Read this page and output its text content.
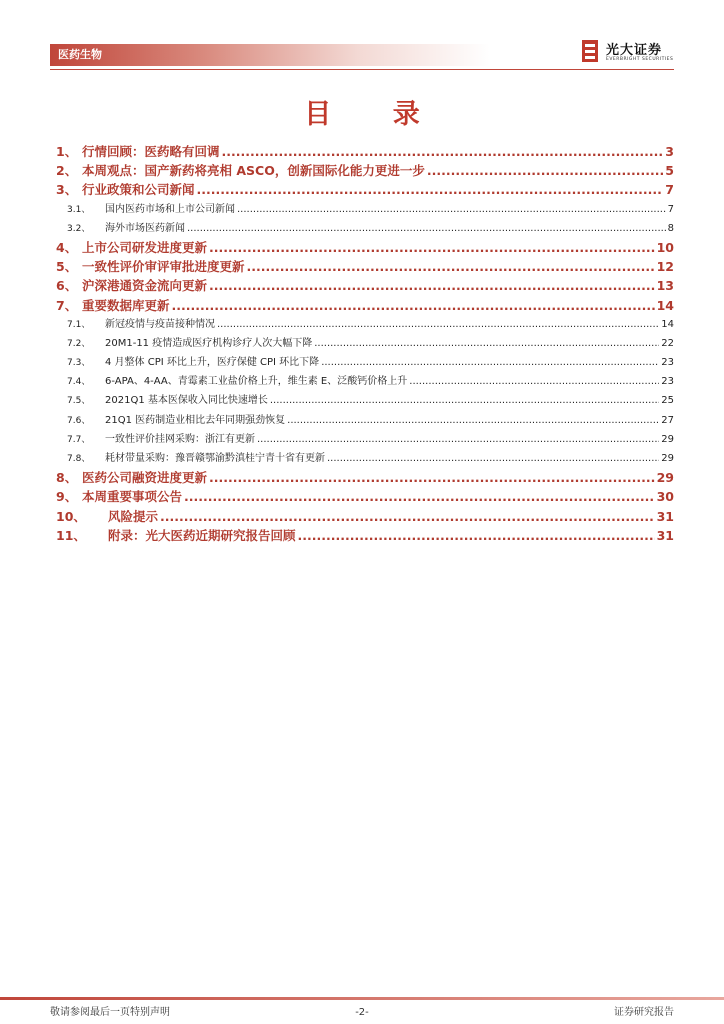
医药生物	光大证券
EVERBRIGHT SECURITIES
目 录
1、 行情回顾：医药略有回调 .....	3
2、 本周观点：国产新药将亮相 ASCO，创新国际化能力更进一步 .....	5
3、 行业政策和公司新闻 .....	7
3.1、	国内医药市场和上市公司新闻 .....	7
3.2、	海外市场医药新闻 .....	8
4、 上市公司研发进度更新 .....	10
5、 一致性评价审评审批进度更新 .....	12
6、 沪深港通资金流向更新 .....	13
7、 重要数据库更新 .....	14
7.1、	新冠疫情与疫苗接种情况 .....	14
7.2、	20M1-11 疫情造成医疗机构诊疗人次大幅下降 .....	22
7.3、	4 月整体 CPI 环比上升，医疗保健 CPI 环比下降 .....	23
7.4、	6-APA、4-AA、青霉素工业盐价格上升，维生素 E、泛酸钙价格上升 .....	23
7.5、	2021Q1 基本医保收入同比快速增长 .....	25
7.6、	21Q1 医药制造业相比去年同期强劲恢复 .....	27
7.7、	一致性评价挂网采购：浙江有更新 .....	29
7.8、	耗材带量采购：豫晋赣鄂渝黔滇桂宁青十省有更新 .....	29
8、 医药公司融资进度更新 .....	29
9、 本周重要事项公告 .....	30
10、	风险提示 .....	31
11、	附录：光大医药近期研究报告回顾 .....	31
敬请参阅最后一页特别声明	-2-	证券研究报告
